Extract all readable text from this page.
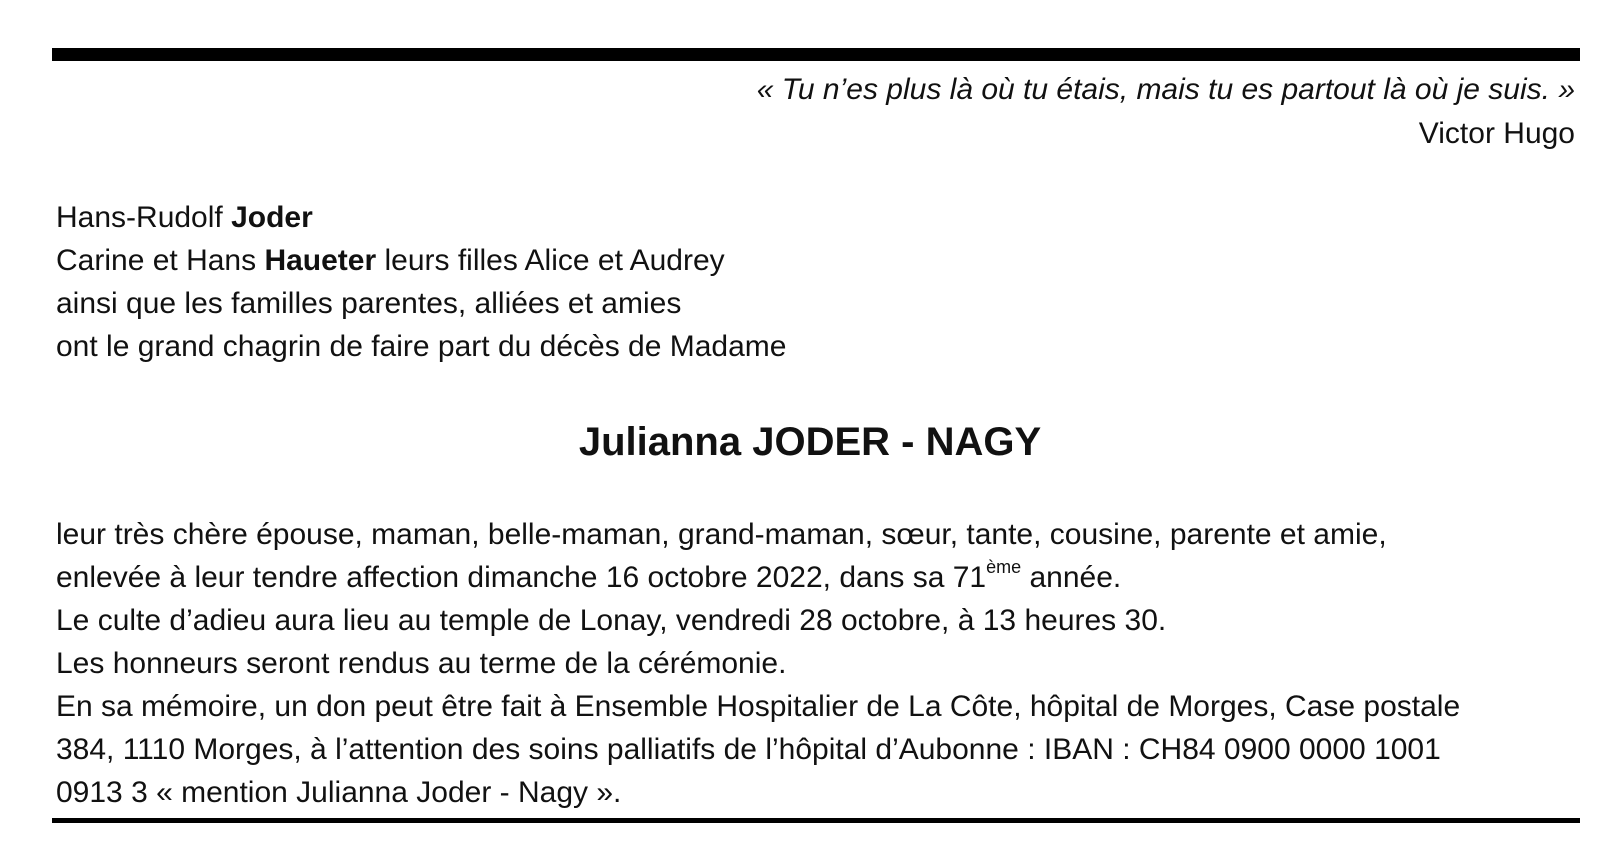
« Tu n’es plus là où tu étais, mais tu es partout là où je suis. »
Victor Hugo
Hans-Rudolf Joder
Carine et Hans Haueter leurs filles Alice et Audrey
ainsi que les familles parentes, alliées et amies
ont le grand chagrin de faire part du décès de Madame
Julianna JODER - NAGY
leur très chère épouse, maman, belle-maman, grand-maman, sœur, tante, cousine, parente et amie,
enlevée à leur tendre affection dimanche 16 octobre 2022, dans sa 71ème année.
Le culte d’adieu aura lieu au temple de Lonay, vendredi 28 octobre, à 13 heures 30.
Les honneurs seront rendus au terme de la cérémonie.
En sa mémoire, un don peut être fait à Ensemble Hospitalier de La Côte, hôpital de Morges, Case postale
384, 1110 Morges, à l’attention des soins palliatifs de l’hôpital d’Aubonne : IBAN : CH84 0900 0000 1001
0913 3 « mention Julianna Joder - Nagy ».
